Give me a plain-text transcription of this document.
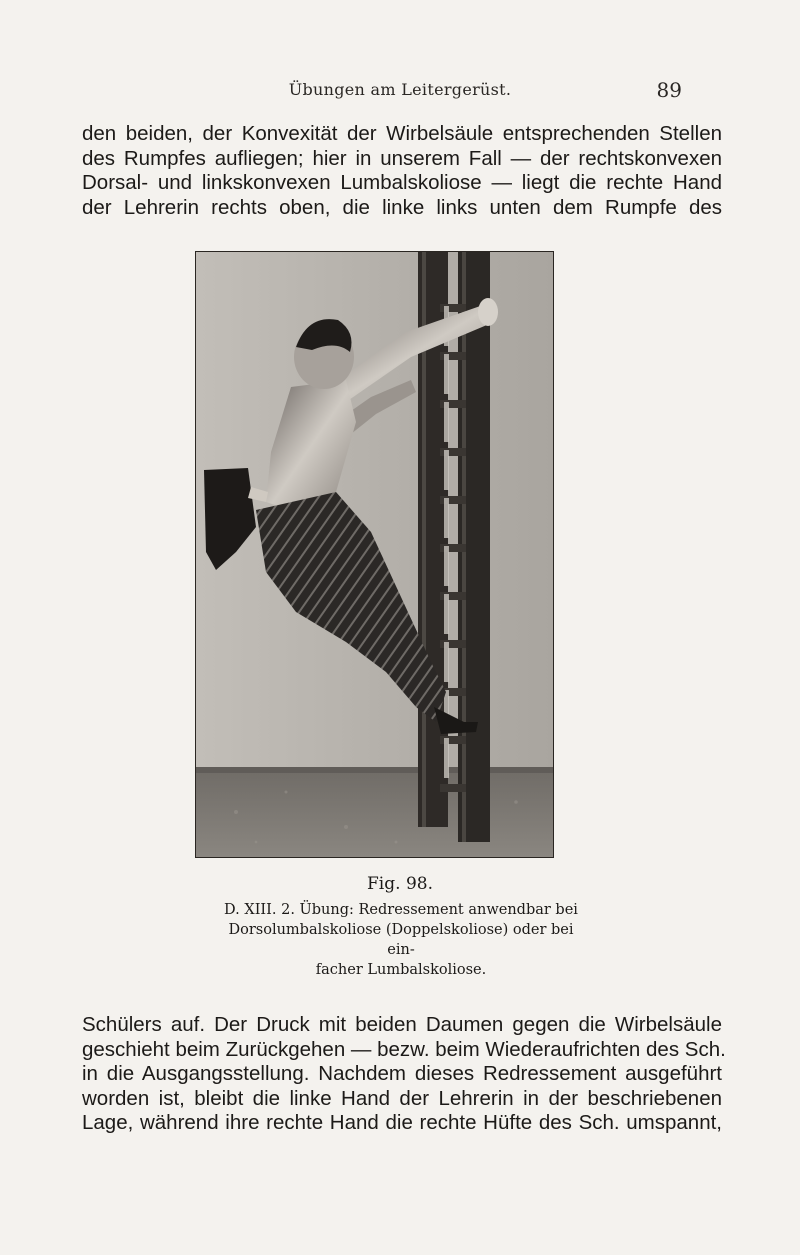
Übungen am Leitergerüst.	89

den beiden, der Konvexität der Wirbelsäule entsprechenden Stellen
des Rumpfes aufliegen; hier in unserem Fall — der rechtskonvexen
Dorsal- und linkskonvexen Lumbalskoliose — liegt die rechte Hand
der Lehrerin rechts oben, die linke links unten dem Rumpfe des

Fig. 98.
D. XIII. 2. Übung: Redressement anwendbar bei
Dorsolumbalskoliose (Doppelskoliose) oder bei ein-
facher Lumbalskoliose.

Schülers auf. Der Druck mit beiden Daumen gegen die Wirbelsäule
geschieht beim Zurückgehen — bezw. beim Wiederaufrichten des Sch.
in die Ausgangsstellung. Nachdem dieses Redressement ausgeführt
worden ist, bleibt die linke Hand der Lehrerin in der beschriebenen
Lage, während ihre rechte Hand die rechte Hüfte des Sch. umspannt,
